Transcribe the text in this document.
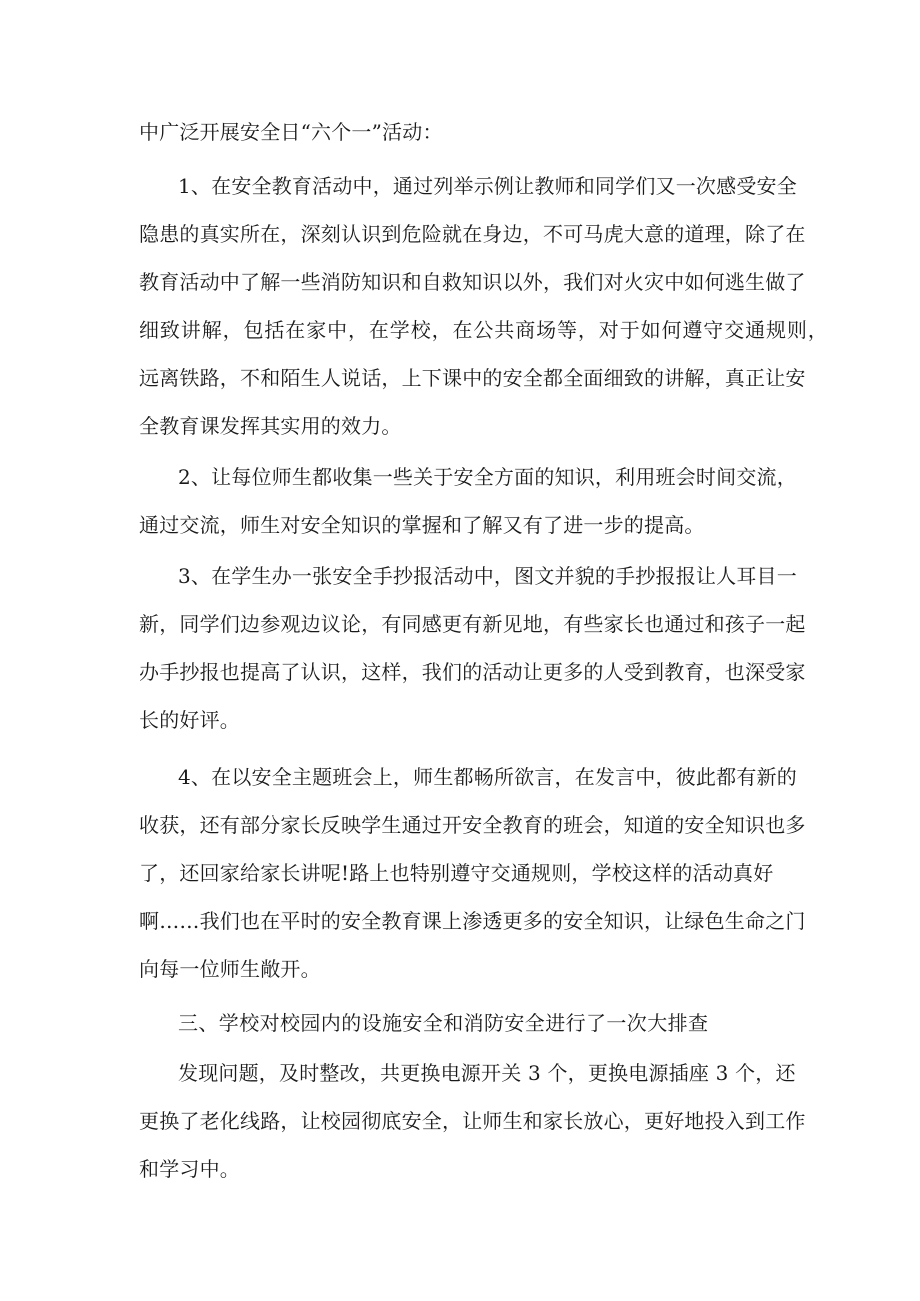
中广泛开展安全日“六个一”活动：

1、在安全教育活动中，通过列举示例让教师和同学们又一次感受安全

隐患的真实所在，深刻认识到危险就在身边，不可马虎大意的道理，除了在

教育活动中了解一些消防知识和自救知识以外，我们对火灾中如何逃生做了

细致讲解，包括在家中，在学校，在公共商场等，对于如何遵守交通规则，

远离铁路，不和陌生人说话，上下课中的安全都全面细致的讲解，真正让安

全教育课发挥其实用的效力。

2、让每位师生都收集一些关于安全方面的知识，利用班会时间交流，

通过交流，师生对安全知识的掌握和了解又有了进一步的提高。

3、在学生办一张安全手抄报活动中，图文并貌的手抄报报让人耳目一

新，同学们边参观边议论，有同感更有新见地，有些家长也通过和孩子一起

办手抄报也提高了认识，这样，我们的活动让更多的人受到教育，也深受家

长的好评。

4、在以安全主题班会上，师生都畅所欲言，在发言中，彼此都有新的

收获，还有部分家长反映学生通过开安全教育的班会，知道的安全知识也多

了，还回家给家长讲呢!路上也特别遵守交通规则，学校这样的活动真好

啊……我们也在平时的安全教育课上渗透更多的安全知识，让绿色生命之门

向每一位师生敞开。

三、学校对校园内的设施安全和消防安全进行了一次大排查

发现问题，及时整改，共更换电源开关 3 个，更换电源插座 3 个，还

更换了老化线路，让校园彻底安全，让师生和家长放心，更好地投入到工作

和学习中。
